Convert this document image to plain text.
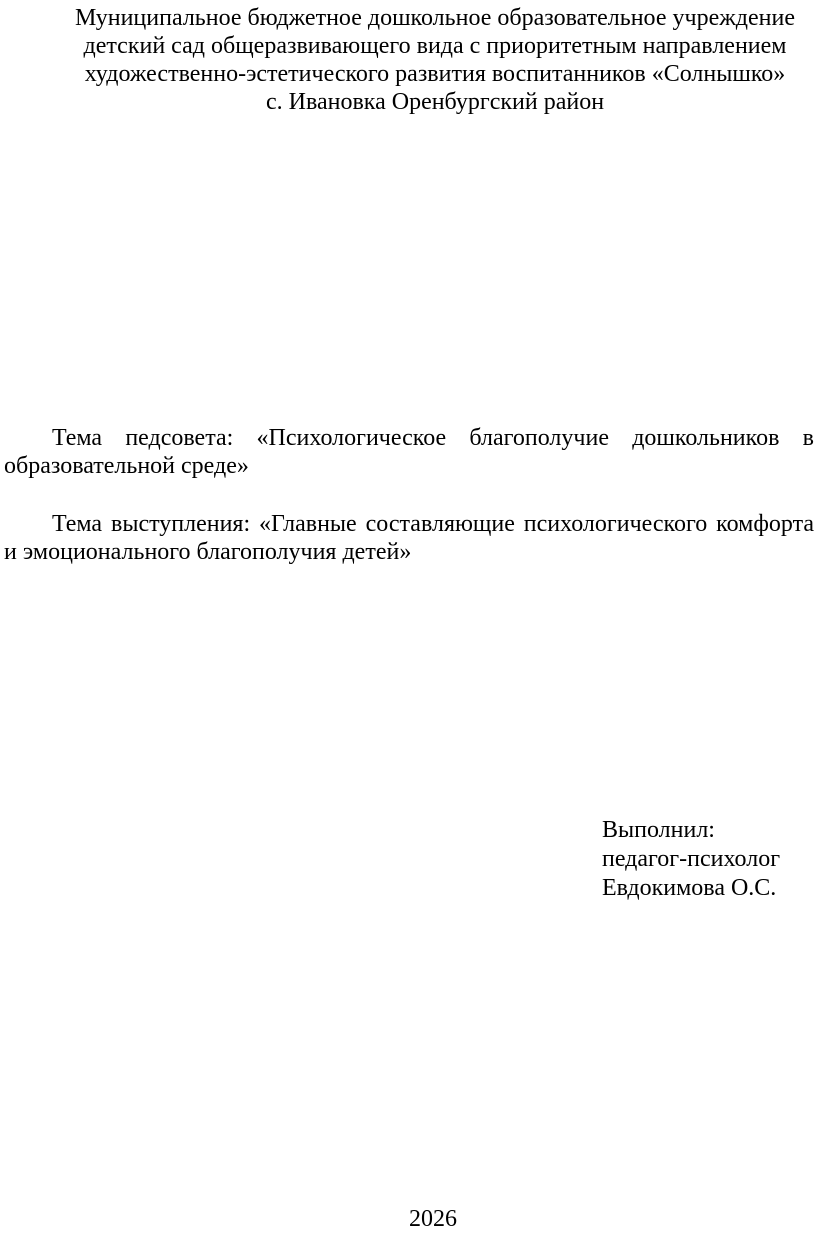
Муниципальное бюджетное дошкольное образовательное учреждение
детский сад общеразвивающего вида с приоритетным направлением
художественно-эстетического развития воспитанников «Солнышко»
с. Ивановка Оренбургский район

Тема педсовета: «Психологическое благополучие дошкольников в образовательной среде»

Тема выступления: «Главные составляющие психологического комфорта и эмоционального благополучия детей»

Выполнил:
педагог-психолог
Евдокимова О.С.

2026
